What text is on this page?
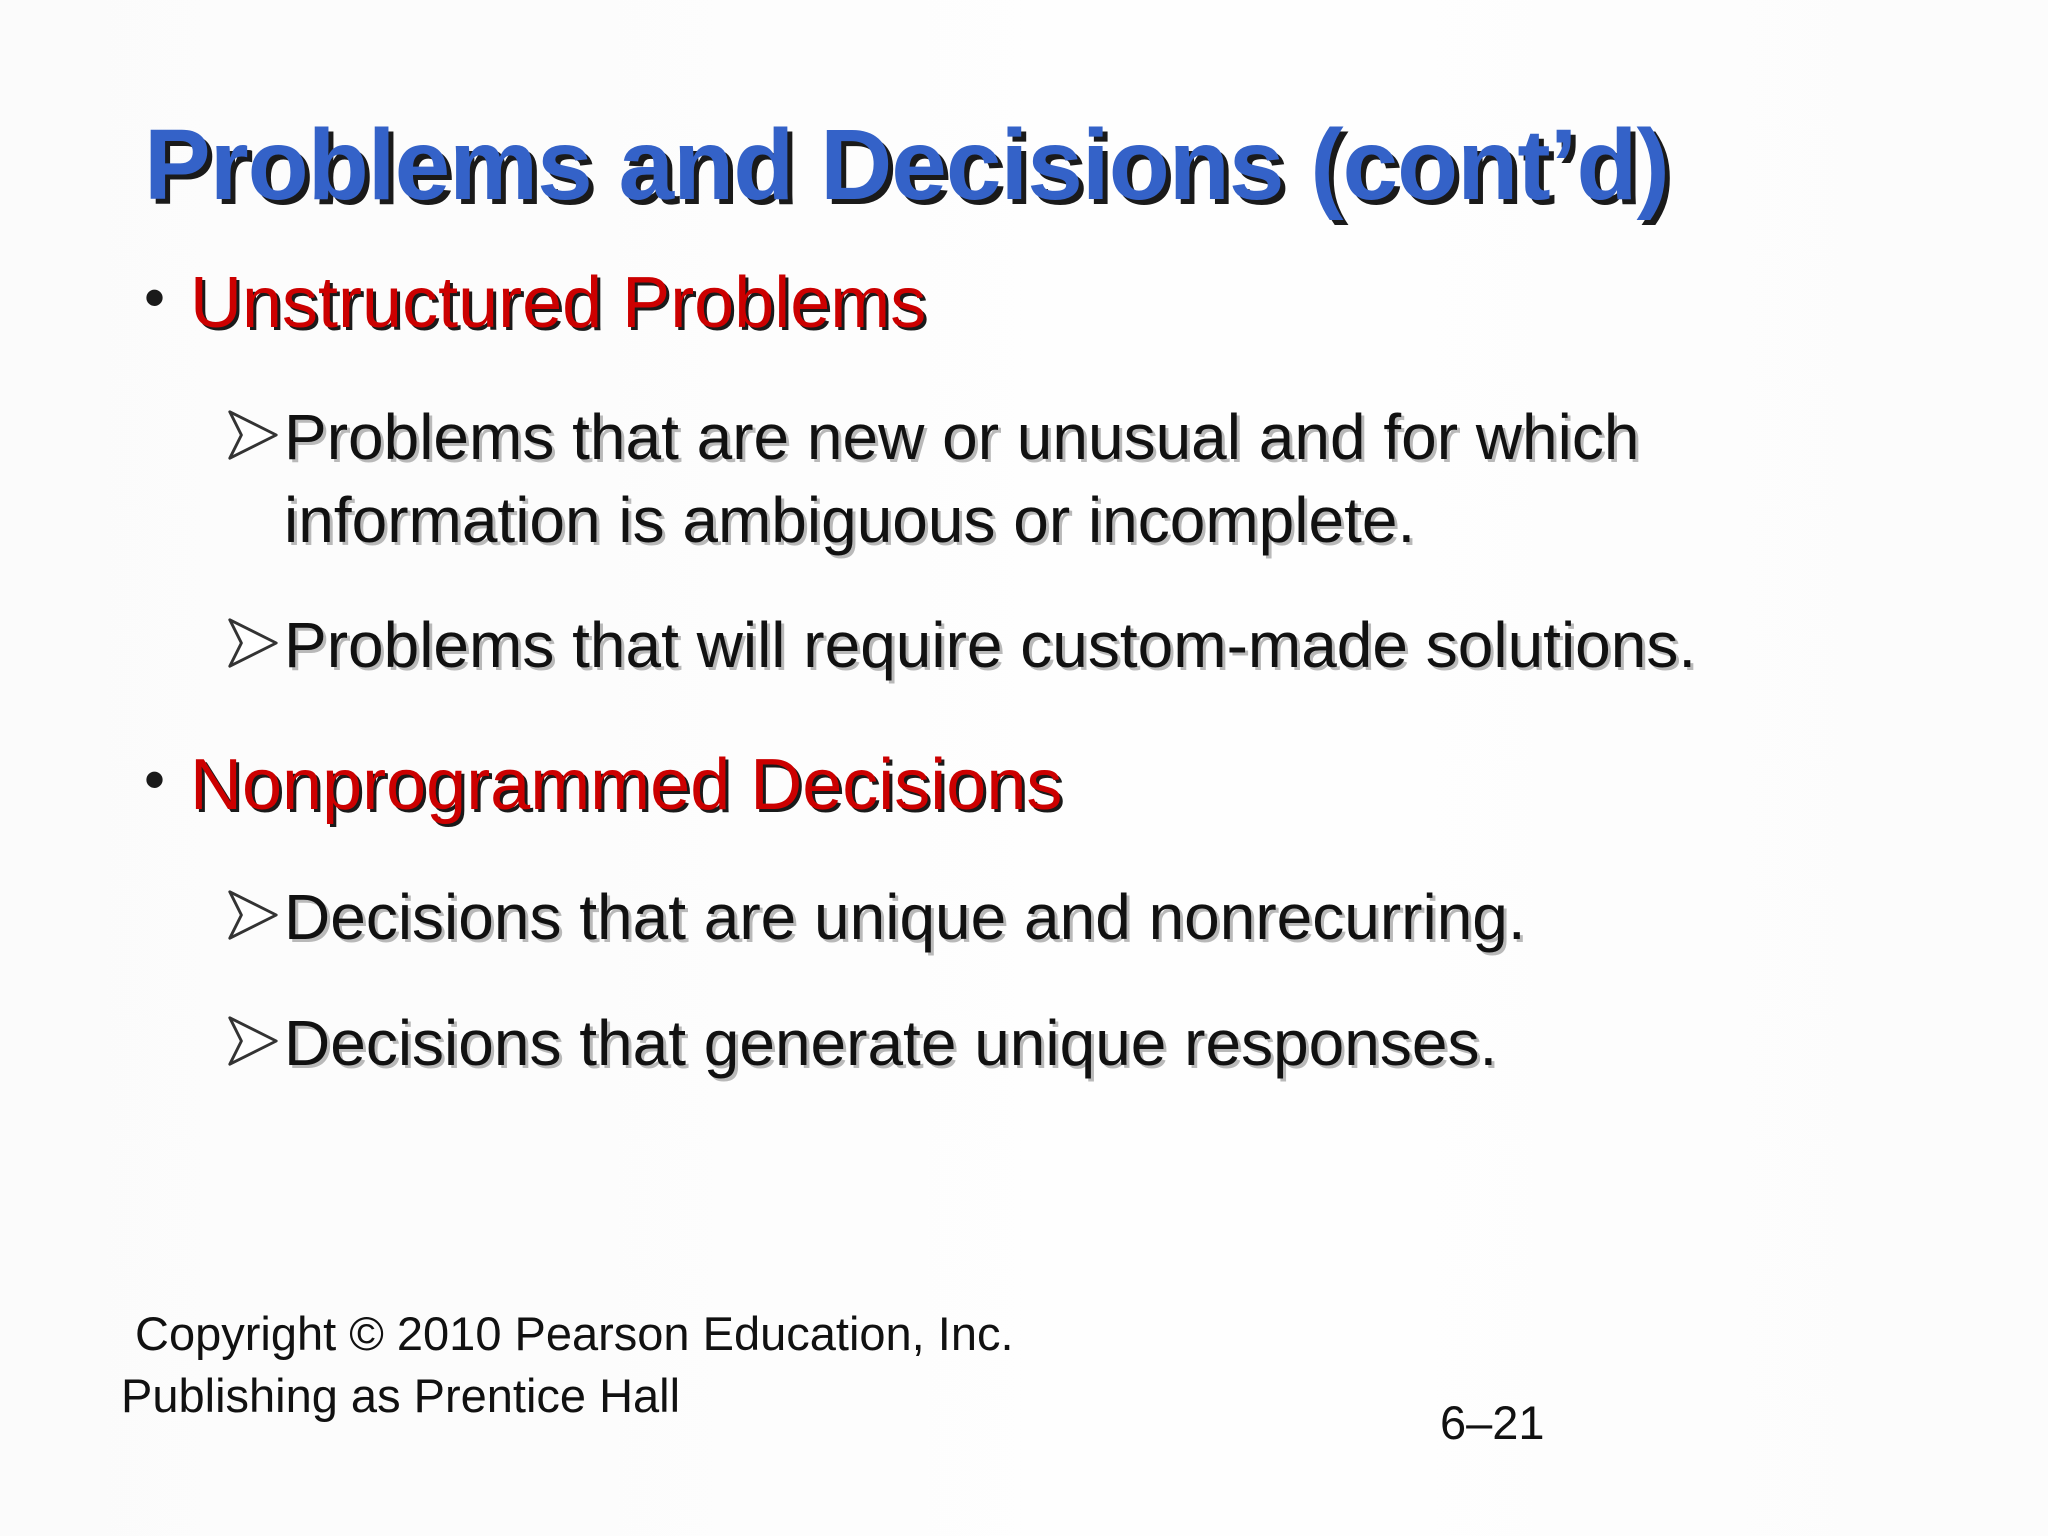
Problems and Decisions (cont’d)
• Unstructured Problems
Problems that are new or unusual and for which information is ambiguous or incomplete.
Problems that will require custom-made solutions.
• Nonprogrammed Decisions
Decisions that are unique and nonrecurring.
Decisions that generate unique responses.
Copyright © 2010 Pearson Education, Inc.
Publishing as Prentice Hall
6–21
